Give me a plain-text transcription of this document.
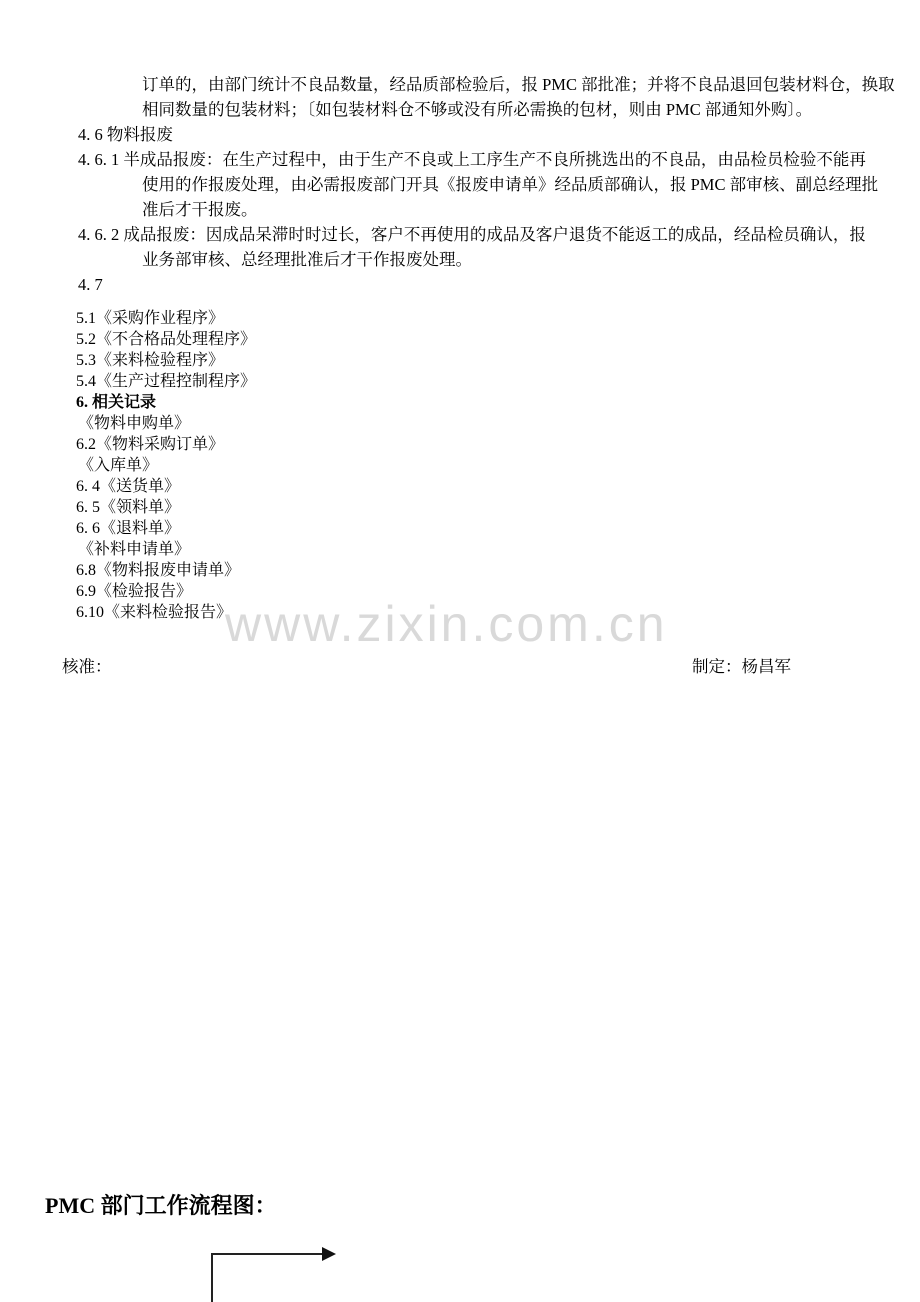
www.zixin.com.cn
订单的，由部门统计不良品数量，经品质部检验后，报 PMC 部批准；并将不良品退回包装材料仓，换取
相同数量的包装材料；〔如包装材料仓不够或没有所必需换的包材，则由 PMC 部通知外购〕。
4. 6 物料报废
4. 6. 1 半成品报废：在生产过程中，由于生产不良或上工序生产不良所挑选出的不良品，由品检员检验不能再
使用的作报废处理，由必需报废部门开具《报废申请单》经品质部确认，报 PMC 部审核、副总经理批
准后才干报废。
4. 6. 2 成品报废：因成品呆滞时时过长，客户不再使用的成品及客户退货不能返工的成品，经品检员确认，报
业务部审核、总经理批准后才干作报废处理。
4. 7
5.1《采购作业程序》
5.2《不合格品处理程序》
5.3《来料检验程序》
5.4《生产过程控制程序》
6. 相关记录
《物料申购单》
6.2《物料采购订单》
《入库单》
6. 4《送货单》
6. 5《领料单》
6. 6《退料单》
《补料申请单》
6.8《物料报废申请单》
6.9《检验报告》
6.10《来料检验报告》
核准：	制定：杨昌军
PMC 部门工作流程图：
